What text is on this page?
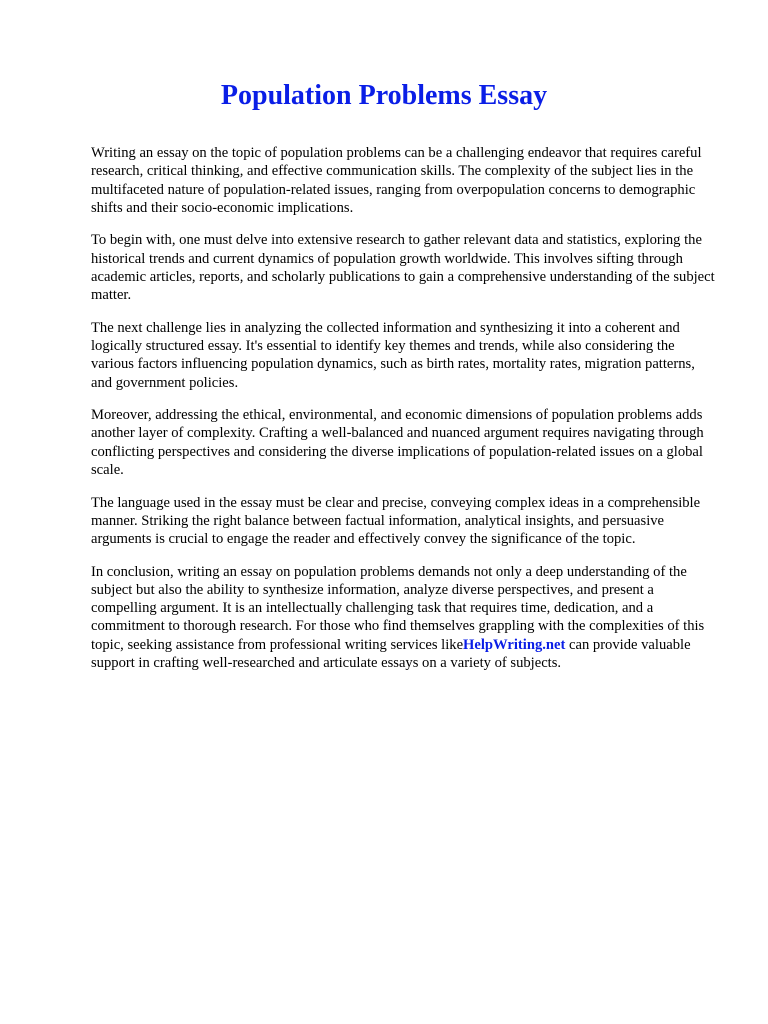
Population Problems Essay

Writing an essay on the topic of population problems can be a challenging endeavor that requires careful research, critical thinking, and effective communication skills. The complexity of the subject lies in the multifaceted nature of population-related issues, ranging from overpopulation concerns to demographic shifts and their socio-economic implications.

To begin with, one must delve into extensive research to gather relevant data and statistics, exploring the historical trends and current dynamics of population growth worldwide. This involves sifting through academic articles, reports, and scholarly publications to gain a comprehensive understanding of the subject matter.

The next challenge lies in analyzing the collected information and synthesizing it into a coherent and logically structured essay. It's essential to identify key themes and trends, while also considering the various factors influencing population dynamics, such as birth rates, mortality rates, migration patterns, and government policies.

Moreover, addressing the ethical, environmental, and economic dimensions of population problems adds another layer of complexity. Crafting a well-balanced and nuanced argument requires navigating through conflicting perspectives and considering the diverse implications of population-related issues on a global scale.

The language used in the essay must be clear and precise, conveying complex ideas in a comprehensible manner. Striking the right balance between factual information, analytical insights, and persuasive arguments is crucial to engage the reader and effectively convey the significance of the topic.

In conclusion, writing an essay on population problems demands not only a deep understanding of the subject but also the ability to synthesize information, analyze diverse perspectives, and present a compelling argument. It is an intellectually challenging task that requires time, dedication, and a commitment to thorough research. For those who find themselves grappling with the complexities of this topic, seeking assistance from professional writing services likeHelpWriting.net can provide valuable support in crafting well-researched and articulate essays on a variety of subjects.
